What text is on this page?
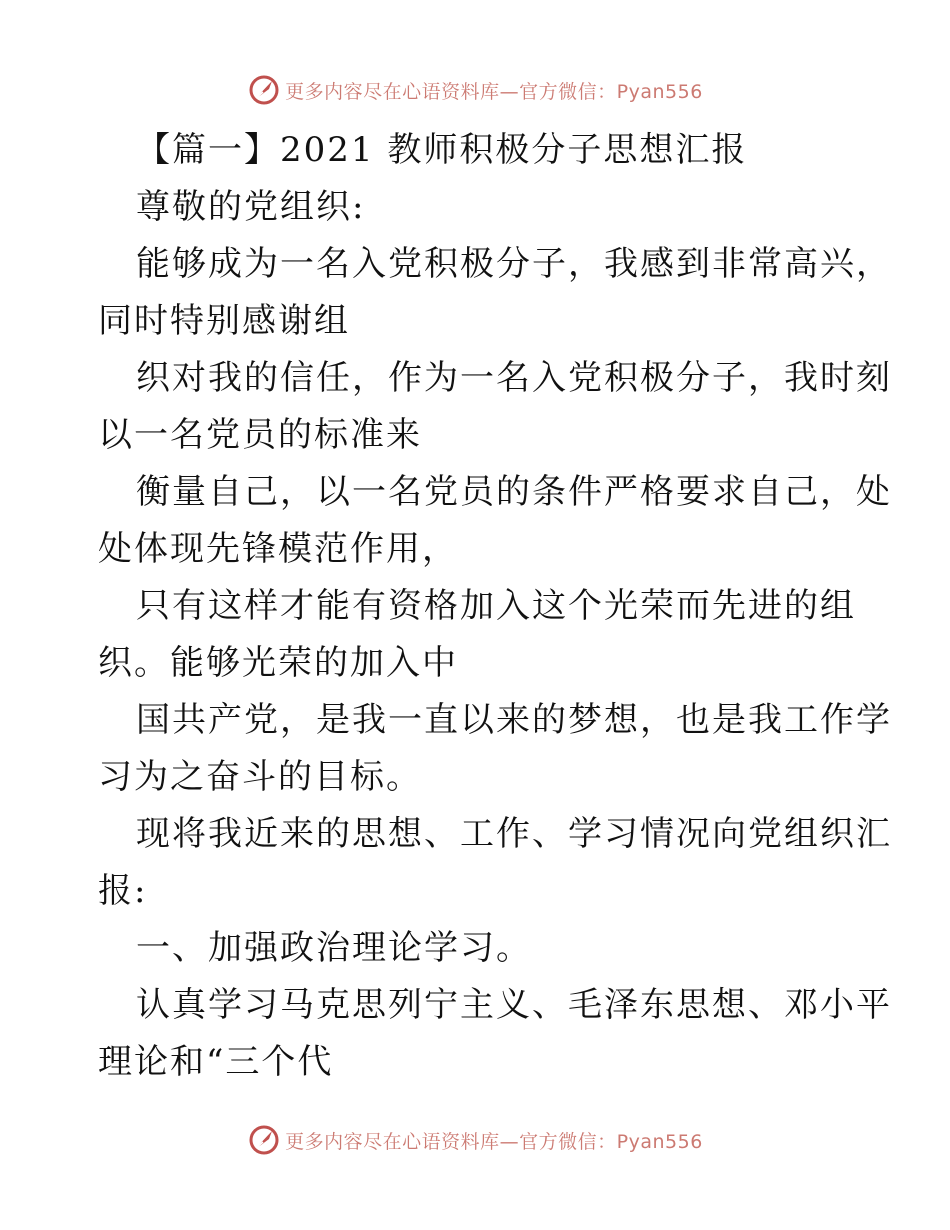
更多内容尽在心语资料库—官方微信：Pyan556
【篇一】2021 教师积极分子思想汇报
尊敬的党组织:
能够成为一名入党积极分子，我感到非常高兴，
同时特别感谢组
织对我的信任，作为一名入党积极分子，我时刻
以一名党员的标准来
衡量自己，以一名党员的条件严格要求自己，处
处体现先锋模范作用，
只有这样才能有资格加入这个光荣而先进的组
织。能够光荣的加入中
国共产党，是我一直以来的梦想，也是我工作学
习为之奋斗的目标。
现将我近来的思想、工作、学习情况向党组织汇
报:
一、加强政治理论学习。
认真学习马克思列宁主义、毛泽东思想、邓小平
理论和“三个代
更多内容尽在心语资料库—官方微信：Pyan556
